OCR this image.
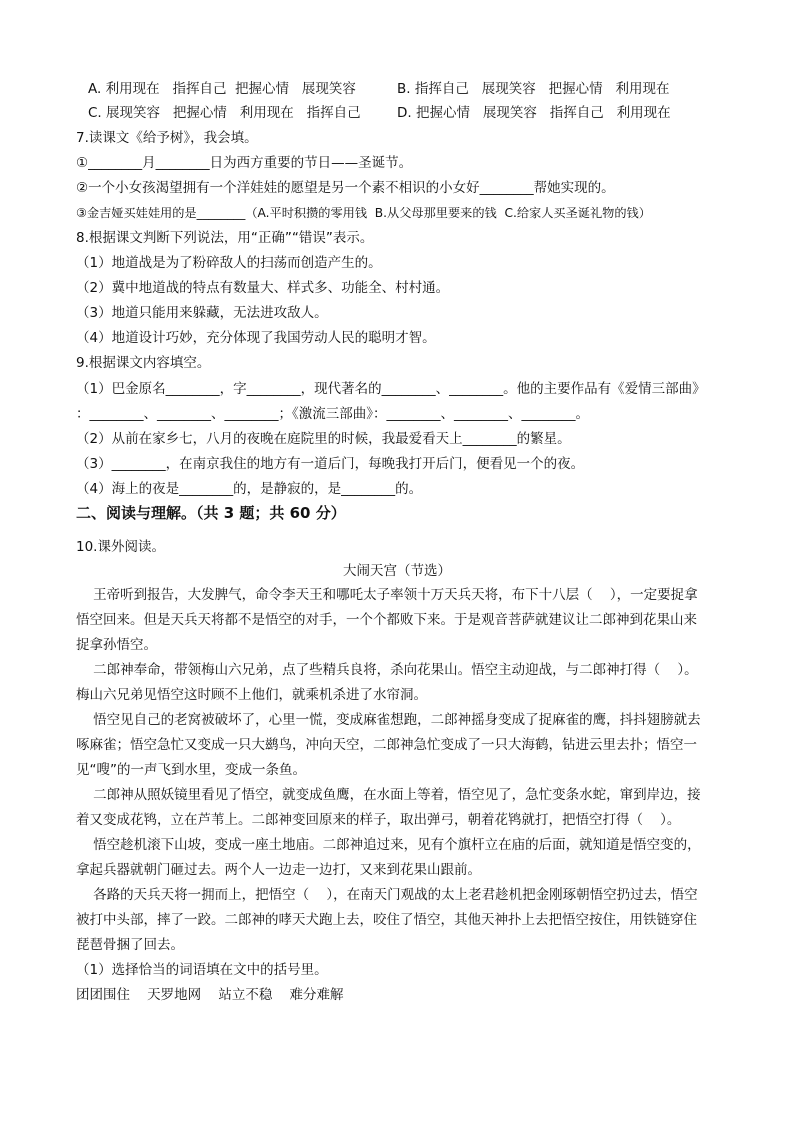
A. 利用现在   指挥自己  把握心情   展现笑容	B. 指挥自己   展现笑容   把握心情   利用现在
C. 展现笑容   把握心情   利用现在   指挥自己	D. 把握心情   展现笑容   指挥自己   利用现在
7.读课文《给予树》，我会填。
①________月________日为西方重要的节日——圣诞节。
②一个小女孩渴望拥有一个洋娃娃的愿望是另一个素不相识的小女好________帮她实现的。
③金吉娅买娃娃用的是________（A.平时积攒的零用钱  B.从父母那里要来的钱  C.给家人买圣诞礼物的钱）
8.根据课文判断下列说法，用“正确”“错误”表示。
（1）地道战是为了粉碎敌人的扫荡而创造产生的。
（2）冀中地道战的特点有数量大、样式多、功能全、村村通。
（3）地道只能用来躲藏，无法进攻敌人。
（4）地道设计巧妙，充分体现了我国劳动人民的聪明才智。
9.根据课文内容填空。
（1）巴金原名________，字________，现代著名的________、________。他的主要作品有《爱情三部曲》
：________、________、________；《激流三部曲》：________、________、________。
（2）从前在家乡七，八月的夜晚在庭院里的时候，我最爱看天上________的繁星。
（3）________，在南京我住的地方有一道后门，每晚我打开后门，便看见一个的夜。
（4）海上的夜是________的，是静寂的，是________的。
二、阅读与理解。（共 3 题；共 60 分）
10.课外阅读。
大闹天宫（节选）
王帝听到报告，大发脾气，命令李天王和哪吒太子率领十万天兵天将，布下十八层（    ），一定要捉拿
悟空回来。但是天兵天将都不是悟空的对手，一个个都败下来。于是观音菩萨就建议让二郎神到花果山来
捉拿孙悟空。
二郎神奉命，带领梅山六兄弟，点了些精兵良将，杀向花果山。悟空主动迎战，与二郎神打得（    ）。
梅山六兄弟见悟空这时顾不上他们，就乘机杀进了水帘洞。
悟空见自己的老窝被破坏了，心里一慌，变成麻雀想跑，二郎神摇身变成了捉麻雀的鹰，抖抖翅膀就去
啄麻雀；悟空急忙又变成一只大鹚鸟，冲向天空，二郎神急忙变成了一只大海鹤，钻进云里去扑；悟空一
见“嗖”的一声飞到水里，变成一条鱼。
二郎神从照妖镜里看见了悟空，就变成鱼鹰，在水面上等着，悟空见了，急忙变条水蛇，窜到岸边，接
着又变成花鸨，立在芦苇上。二郎神变回原来的样子，取出弹弓，朝着花鸨就打，把悟空打得（    ）。
悟空趁机滚下山坡，变成一座土地庙。二郎神追过来，见有个旗杆立在庙的后面，就知道是悟空变的，
拿起兵器就朝门砸过去。两个人一边走一边打，又来到花果山跟前。
各路的天兵天将一拥而上，把悟空（    ），在南天门观战的太上老君趁机把金刚琢朝悟空扔过去，悟空
被打中头部，摔了一跤。二郎神的哮天犬跑上去，咬住了悟空，其他天神扑上去把悟空按住，用铁链穿住
琵琶骨捆了回去。
（1）选择恰当的词语填在文中的括号里。
团团围住    天罗地网    站立不稳    难分难解
